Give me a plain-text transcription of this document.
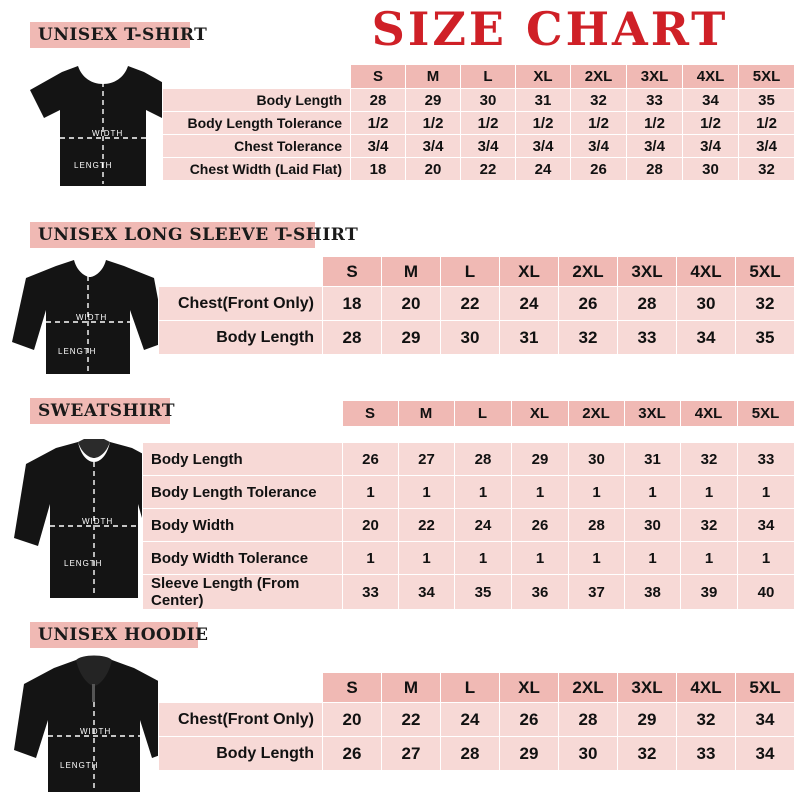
SIZE CHART
UNISEX T-SHIRT
WIDTH
LENGTH
	S	M	L	XL	2XL	3XL	4XL	5XL
Body Length	28	29	30	31	32	33	34	35
Body Length Tolerance	1/2	1/2	1/2	1/2	1/2	1/2	1/2	1/2
Chest Tolerance	3/4	3/4	3/4	3/4	3/4	3/4	3/4	3/4
Chest Width (Laid Flat)	18	20	22	24	26	28	30	32
UNISEX LONG SLEEVE T-SHIRT
WIDTH
LENGTH
	S	M	L	XL	2XL	3XL	4XL	5XL
Chest(Front Only)	18	20	22	24	26	28	30	32
Body Length	28	29	30	31	32	33	34	35
SWEATSHIRT
WIDTH
LENGTH
	S	M	L	XL	2XL	3XL	4XL	5XL
Body Length	26	27	28	29	30	31	32	33
Body Length Tolerance	1	1	1	1	1	1	1	1
Body Width	20	22	24	26	28	30	32	34
Body Width Tolerance	1	1	1	1	1	1	1	1
Sleeve Length (From Center)	33	34	35	36	37	38	39	40
UNISEX HOODIE
WIDTH
LENGTH
	S	M	L	XL	2XL	3XL	4XL	5XL
Chest(Front Only)	20	22	24	26	28	29	32	34
Body Length	26	27	28	29	30	32	33	34
